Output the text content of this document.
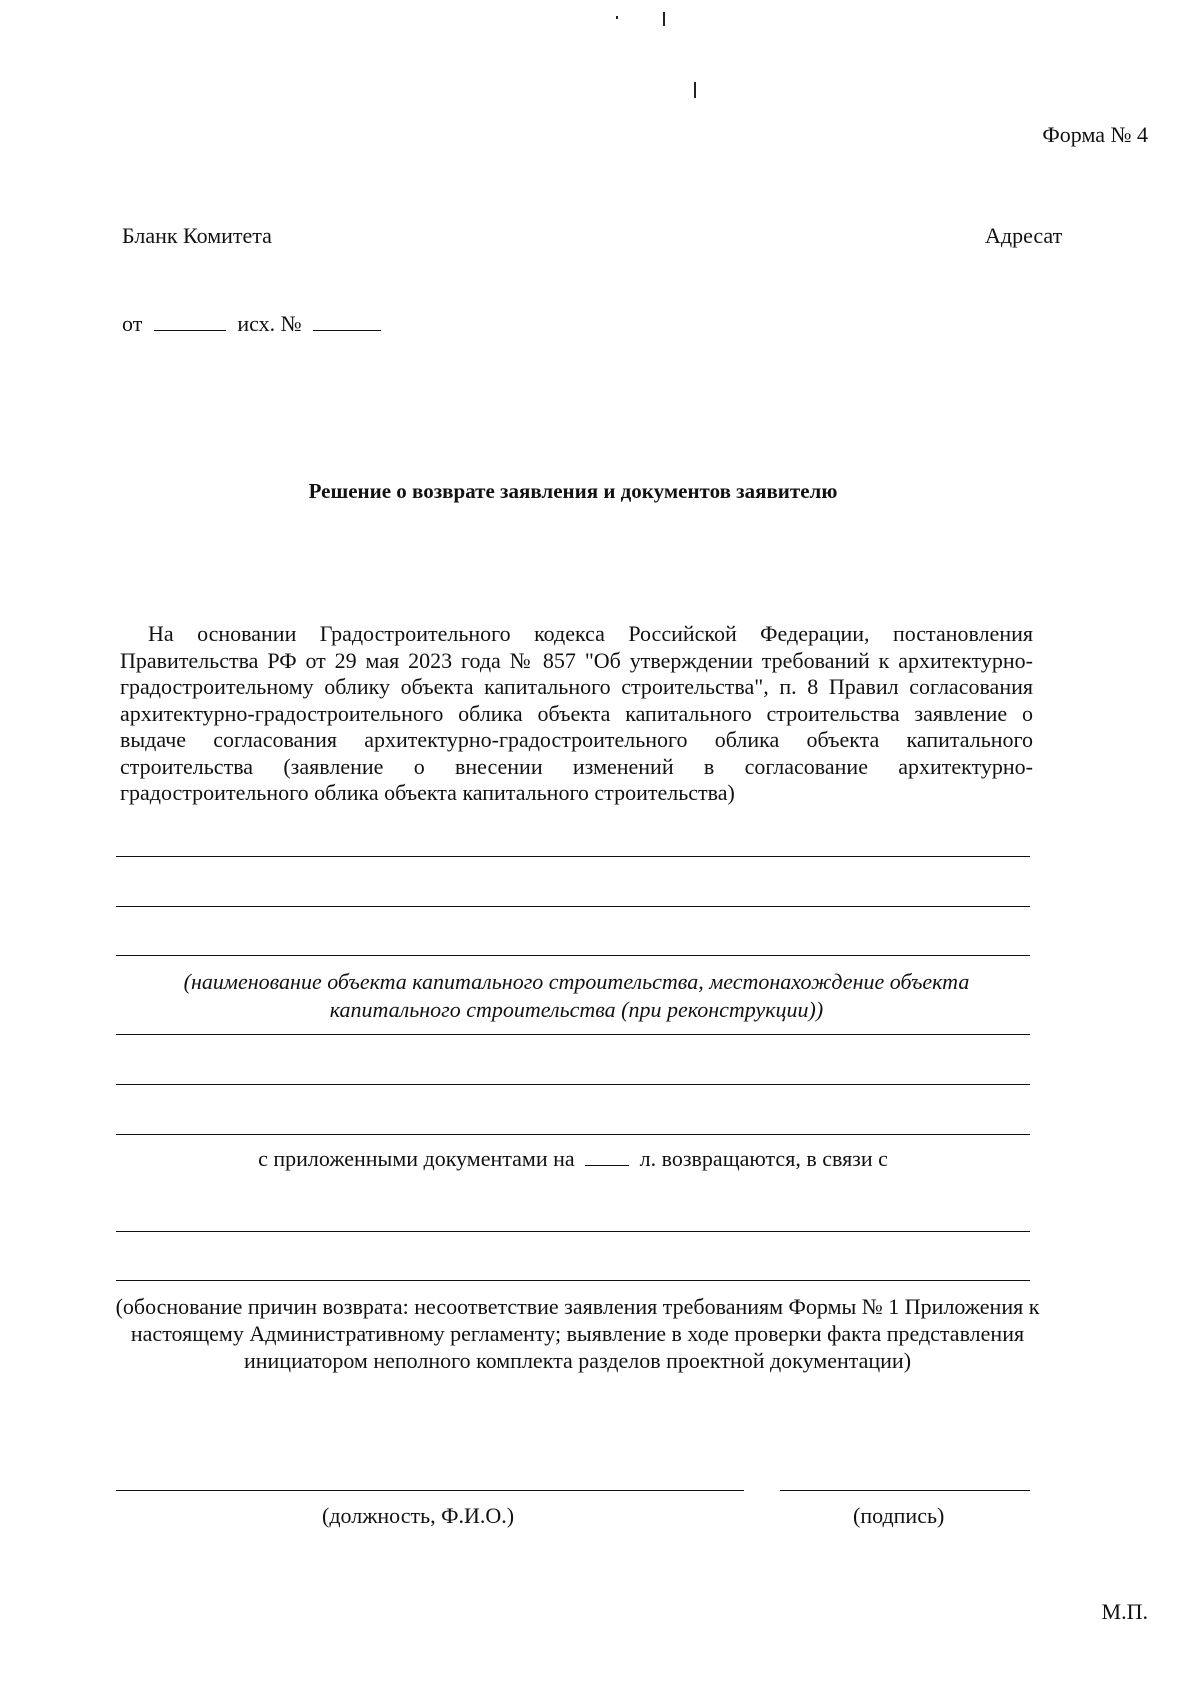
Форма № 4
Бланк Комитета	Адресат
от	исх. №
Решение о возврате заявления и документов заявителю
На основании Градостроительного кодекса Российской Федерации, постановления Правительства РФ от 29 мая 2023 года № 857 "Об утверждении требований к архитектурно-градостроительному облику объекта капитального строительства", п. 8 Правил согласования архитектурно-градостроительного облика объекта капитального строительства заявление о выдаче согласования архитектурно-градостроительного облика объекта капитального строительства (заявление о внесении изменений в согласование архитектурно-градостроительного облика объекта капитального строительства)
(наименование объекта капитального строительства, местонахождение объекта капитального строительства (при реконструкции))
с приложенными документами на	л. возвращаются, в связи с
(обоснование причин возврата: несоответствие заявления требованиям Формы № 1 Приложения к настоящему Административному регламенту; выявление в ходе проверки факта представления инициатором неполного комплекта разделов проектной документации)
(должность, Ф.И.О.)	(подпись)
М.П.
